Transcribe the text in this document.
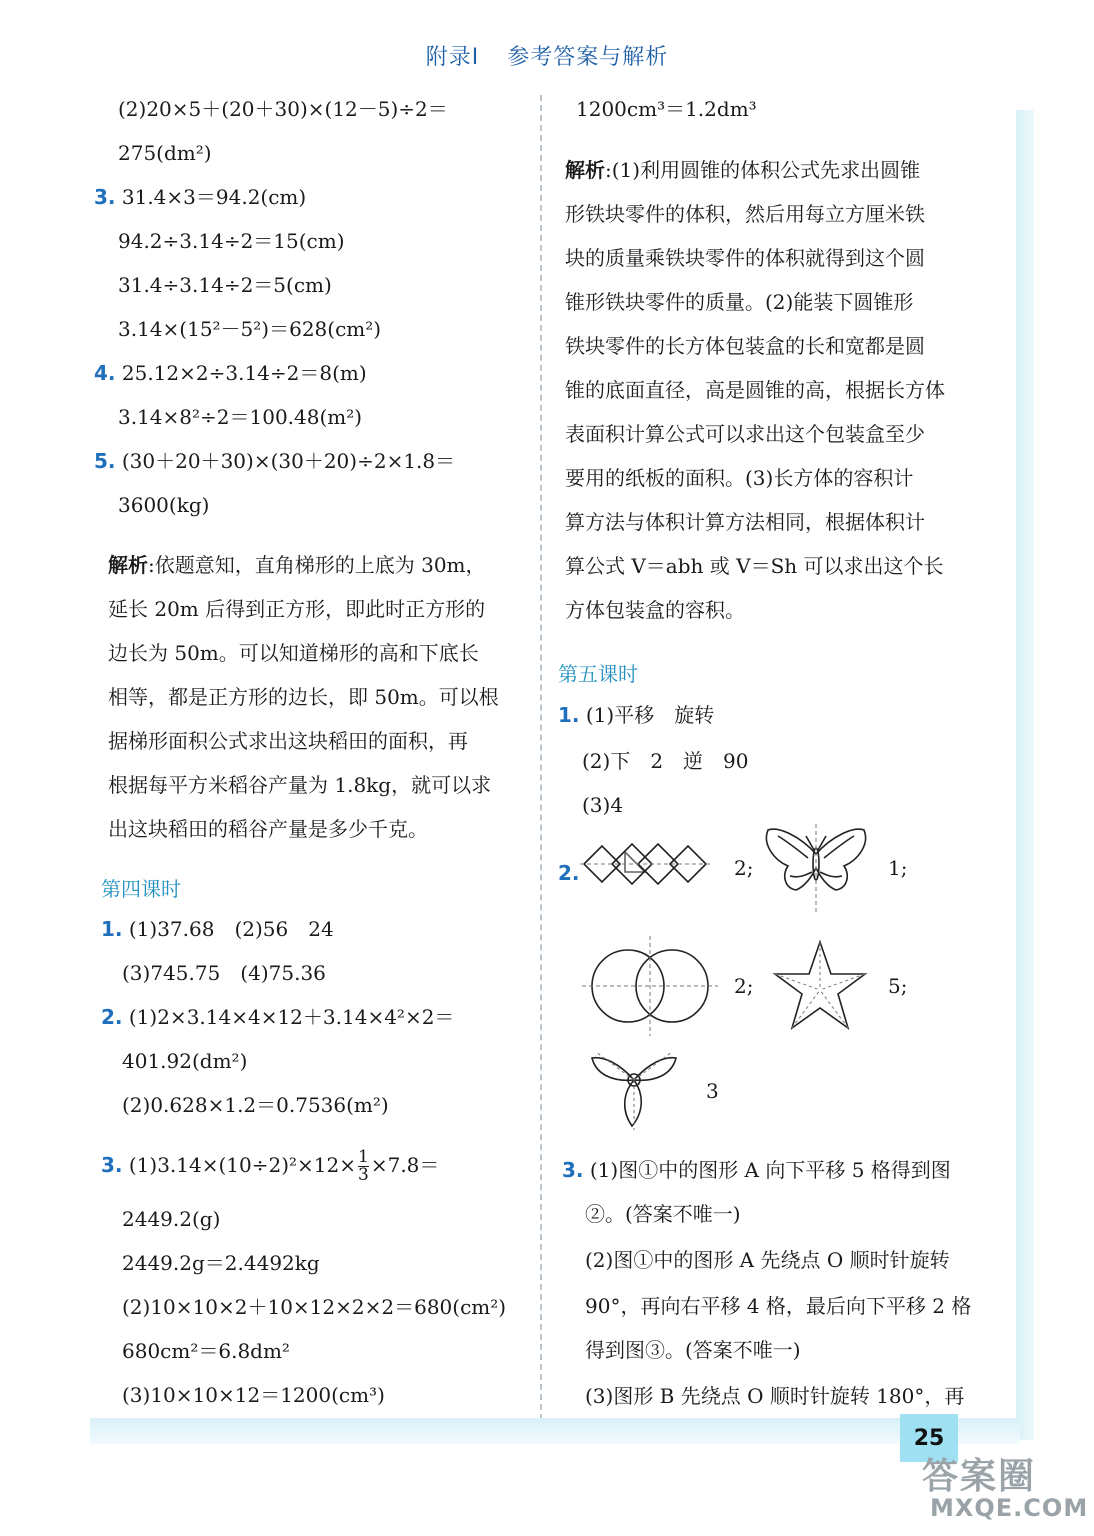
附录Ⅰ 参考答案与解析
(2)20×5＋(20＋30)×(12－5)÷2＝
275(dm²)
3. 31.4×3＝94.2(cm)
94.2÷3.14÷2＝15(cm)
31.4÷3.14÷2＝5(cm)
3.14×(15²－5²)＝628(cm²)
4. 25.12×2÷3.14÷2＝8(m)
3.14×8²÷2＝100.48(m²)
5. (30＋20＋30)×(30＋20)÷2×1.8＝
3600(kg)
解析:依题意知，直角梯形的上底为 30m，
延长 20m 后得到正方形，即此时正方形的
边长为 50m。可以知道梯形的高和下底长
相等，都是正方形的边长，即 50m。可以根
据梯形面积公式求出这块稻田的面积，再
根据每平方米稻谷产量为 1.8kg，就可以求
出这块稻田的稻谷产量是多少千克。
第四课时
1. (1)37.68　(2)56　24
(3)745.75　(4)75.36
2. (1)2×3.14×4×12＋3.14×4²×2＝
401.92(dm²)
(2)0.628×1.2＝0.7536(m²)
3. $(1)3.14\times(10\div 2)^2\times 12\times \frac{1}{3} \times 7.8=$
2449.2(g)
2449.2g＝2.4492kg
(2)10×10×2＋10×12×2×2＝680(cm²)
680cm²＝6.8dm²
(3)10×10×12＝1200(cm³)
1200cm³＝1.2dm³
解析:(1)利用圆锥的体积公式先求出圆锥
形铁块零件的体积，然后用每立方厘米铁
块的质量乘铁块零件的体积就得到这个圆
锥形铁块零件的质量。(2)能装下圆锥形
铁块零件的长方体包装盒的长和宽都是圆
锥的底面直径，高是圆锥的高，根据长方体
表面积计算公式可以求出这个包装盒至少
要用的纸板的面积。(3)长方体的容积计
算方法与体积计算方法相同，根据体积计
算公式 V＝abh 或 V＝Sh 可以求出这个长
方体包装盒的容积。
第五课时
1. (1)平移　旋转
(2)下　2　逆　90
(3)4
2.	2;	1;
2;	5;
3
3. (1)图①中的图形 A 向下平移 5 格得到图
②。(答案不唯一)
(2)图①中的图形 A 先绕点 O 顺时针旋转
90°，再向右平移 4 格，最后向下平移 2 格
得到图③。(答案不唯一)
(3)图形 B 先绕点 O 顺时针旋转 180°，再
25
答案圈
MXQE.COM
